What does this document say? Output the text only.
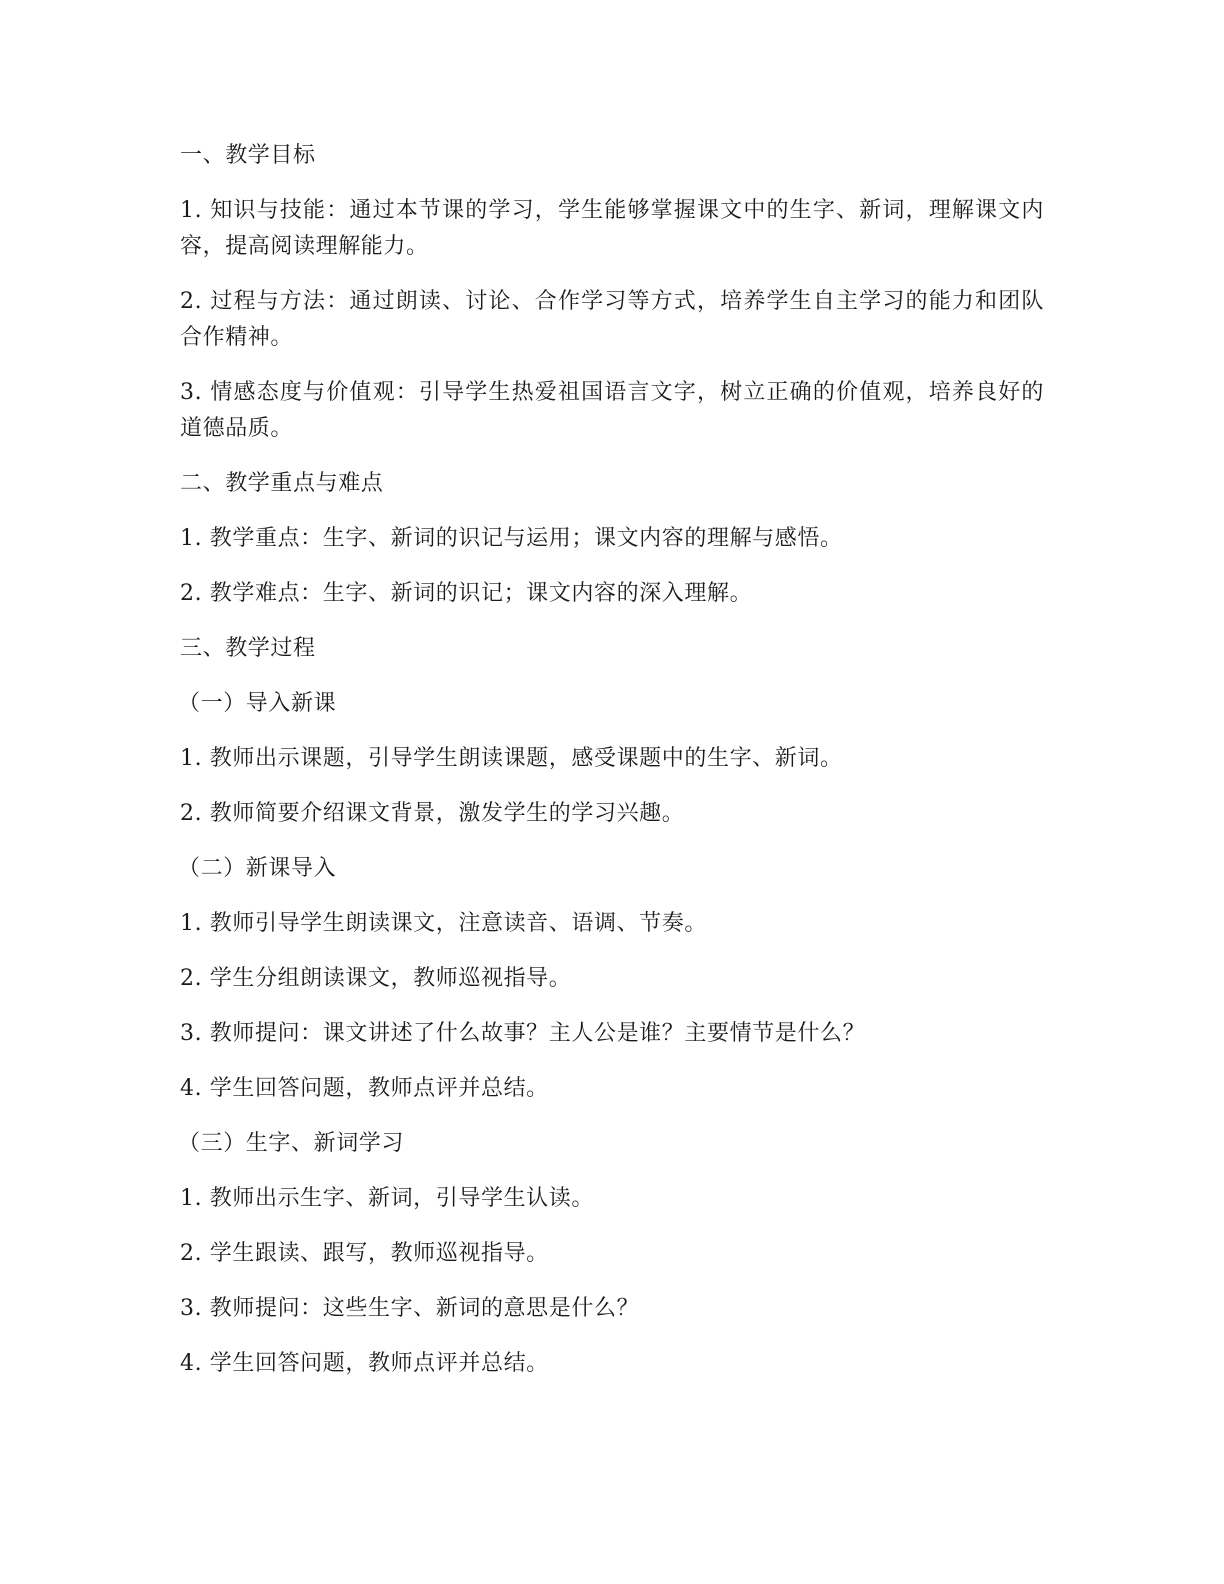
一、教学目标

1. 知识与技能：通过本节课的学习，学生能够掌握课文中的生字、新词，理解课文内容，提高阅读理解能力。

2. 过程与方法：通过朗读、讨论、合作学习等方式，培养学生自主学习的能力和团队合作精神。

3. 情感态度与价值观：引导学生热爱祖国语言文字，树立正确的价值观，培养良好的道德品质。

二、教学重点与难点

1. 教学重点：生字、新词的识记与运用；课文内容的理解与感悟。

2. 教学难点：生字、新词的识记；课文内容的深入理解。

三、教学过程

（一）导入新课

1. 教师出示课题，引导学生朗读课题，感受课题中的生字、新词。

2. 教师简要介绍课文背景，激发学生的学习兴趣。

（二）新课导入

1. 教师引导学生朗读课文，注意读音、语调、节奏。

2. 学生分组朗读课文，教师巡视指导。

3. 教师提问：课文讲述了什么故事？主人公是谁？主要情节是什么？

4. 学生回答问题，教师点评并总结。

（三）生字、新词学习

1. 教师出示生字、新词，引导学生认读。

2. 学生跟读、跟写，教师巡视指导。

3. 教师提问：这些生字、新词的意思是什么？

4. 学生回答问题，教师点评并总结。
